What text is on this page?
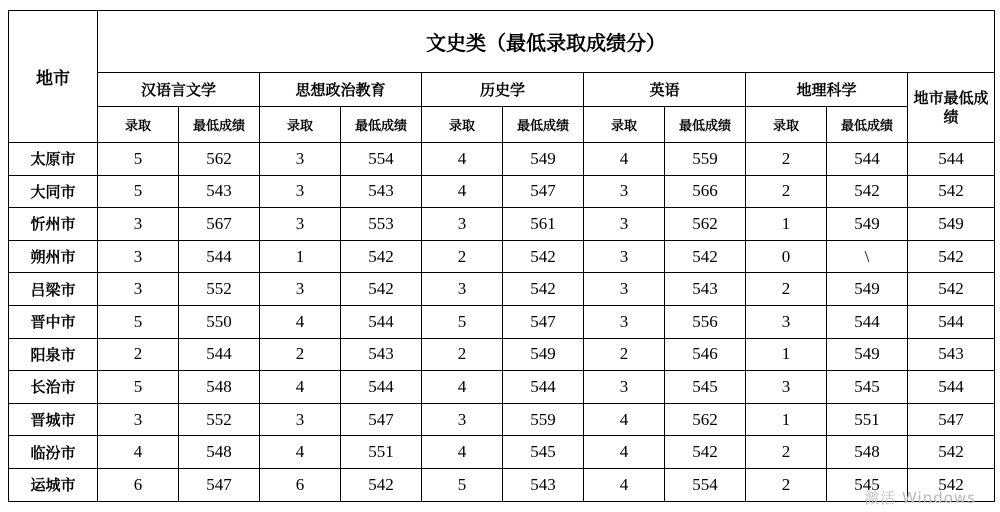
地市	文史类（最低录取成绩分）										
	汉语言文学		思想政治教育		历史学		英语		地理科学		地市最低成绩
	录取	最低成绩	录取	最低成绩	录取	最低成绩	录取	最低成绩	录取	最低成绩	
太原市	5	562	3	554	4	549	4	559	2	544	544
大同市	5	543	3	543	4	547	3	566	2	542	542
忻州市	3	567	3	553	3	561	3	562	1	549	549
朔州市	3	544	1	542	2	542	3	542	0	\	542
吕梁市	3	552	3	542	3	542	3	543	2	549	542
晋中市	5	550	4	544	5	547	3	556	3	544	544
阳泉市	2	544	2	543	2	549	2	546	1	549	543
长治市	5	548	4	544	4	544	3	545	3	545	544
晋城市	3	552	3	547	3	559	4	562	1	551	547
临汾市	4	548	4	551	4	545	4	542	2	548	542
运城市	6	547	6	542	5	543	4	554	2	545	542
激活 Windows
